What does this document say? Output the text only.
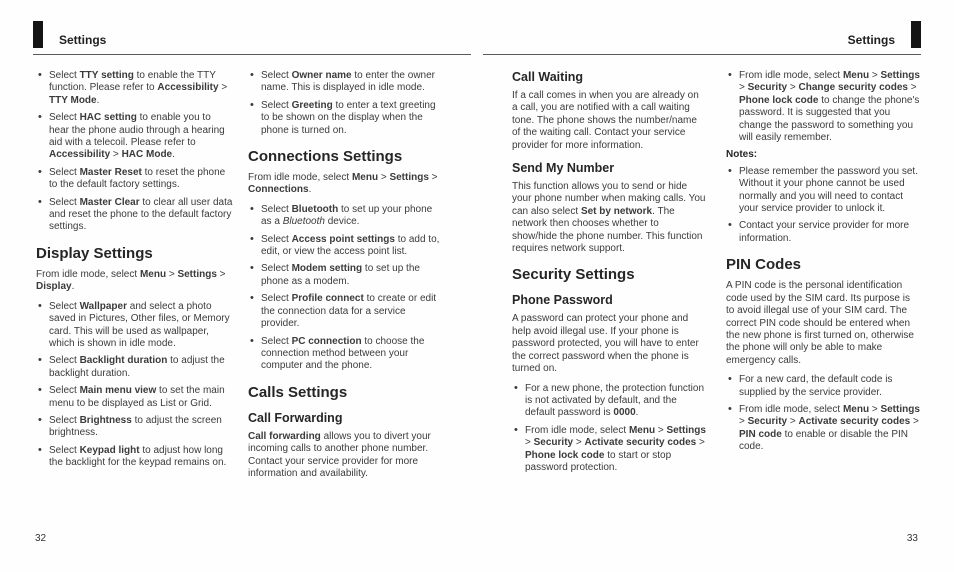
Settings	Settings
• Select TTY setting to enable the TTY function. Please refer to Accessibility > TTY Mode.
• Select HAC setting to enable you to hear the phone audio through a hearing aid with a telecoil. Please refer to Accessibility > HAC Mode.
• Select Master Reset to reset the phone to the default factory settings.
• Select Master Clear to clear all user data and reset the phone to the default factory settings.
Display Settings

From idle mode, select Menu > Settings > Display.

• Select Wallpaper and select a photo saved in Pictures, Other files, or Memory card. This will be used as wallpaper, which is shown in idle mode.
• Select Backlight duration to adjust the backlight duration.
• Select Main menu view to set the main menu to be displayed as List or Grid.
• Select Brightness to adjust the screen brightness.
• Select Keypad light to adjust how long the backlight for the keypad remains on.
• Select Owner name to enter the owner name. This is displayed in idle mode.
• Select Greeting to enter a text greeting to be shown on the display when the phone is turned on.
Connections Settings

From idle mode, select Menu > Settings > Connections.

• Select Bluetooth to set up your phone as a Bluetooth device.
• Select Access point settings to add to, edit, or view the access point list.
• Select Modem setting to set up the phone as a modem.
• Select Profile connect to create or edit the connection data for a service provider.
• Select PC connection to choose the connection method between your computer and the phone.
Calls Settings
Call Forwarding

Call forwarding allows you to divert your incoming calls to another phone number. Contact your service provider for more information and availability.

Call Waiting

If a call comes in when you are already on a call, you are notified with a call waiting tone. The phone shows the number/name of the waiting call. Contact your service provider for more information.

Send My Number

This function allows you to send or hide your phone number when making calls. You can also select Set by network. The network then chooses whether to show/hide the phone number. This function requires network support.

Security Settings
Phone Password

A password can protect your phone and help avoid illegal use. If your phone is password protected, you will have to enter the correct password when the phone is turned on.

• For a new phone, the protection function is not activated by default, and the default password is 0000.
• From idle mode, select Menu > Settings > Security > Activate security codes > Phone lock code to start or stop password protection.
• From idle mode, select Menu > Settings > Security > Change security codes > Phone lock code to change the phone's password. It is suggested that you change the password to something you will easily remember.

Notes:

• Please remember the password you set. Without it your phone cannot be used normally and you will need to contact your service provider to unlock it.
• Contact your service provider for more information.
PIN Codes

A PIN code is the personal identification code used by the SIM card. Its purpose is to avoid illegal use of your SIM card. The correct PIN code should be entered when the new phone is first turned on, otherwise the phone will only be able to make emergency calls.

• For a new card, the default code is supplied by the service provider.
• From idle mode, select Menu > Settings > Security > Activate security codes > PIN code to enable or disable the PIN code.
32	33
